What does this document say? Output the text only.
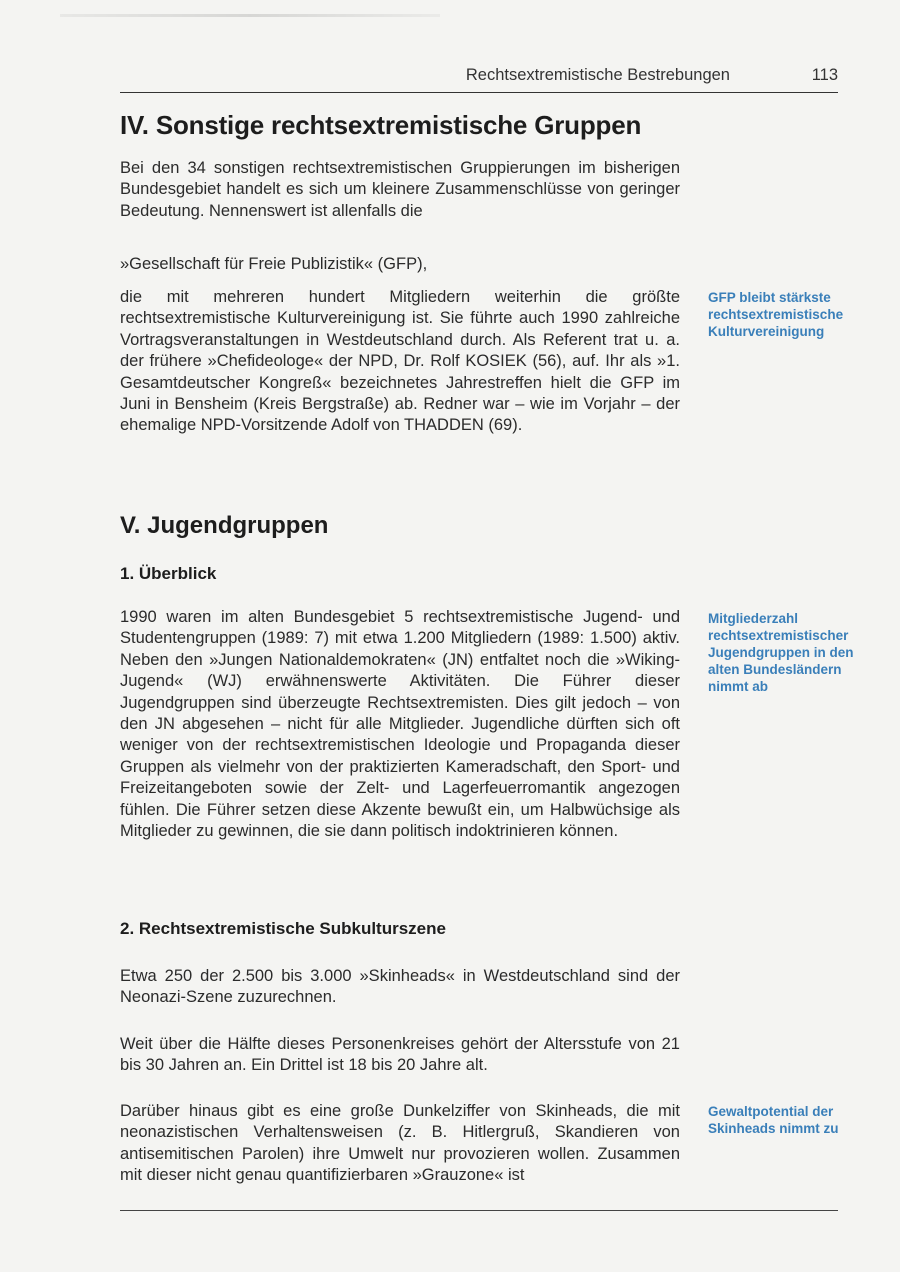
Rechtsextremistische Bestrebungen	113
IV. Sonstige rechtsextremistische Gruppen
Bei den 34 sonstigen rechtsextremistischen Gruppierungen im bisherigen Bundesgebiet handelt es sich um kleinere Zusammenschlüsse von geringer Bedeutung. Nennenswert ist allenfalls die
»Gesellschaft für Freie Publizistik« (GFP),
die mit mehreren hundert Mitgliedern weiterhin die größte rechtsextremistische Kulturvereinigung ist. Sie führte auch 1990 zahlreiche Vortragsveranstaltungen in Westdeutschland durch. Als Referent trat u. a. der frühere »Chefideologe« der NPD, Dr. Rolf KOSIEK (56), auf. Ihr als »1. Gesamtdeutscher Kongreß« bezeichnetes Jahrestreffen hielt die GFP im Juni in Bensheim (Kreis Bergstraße) ab. Redner war – wie im Vorjahr – der ehemalige NPD-Vorsitzende Adolf von THADDEN (69).
GFP bleibt stärkste rechtsextremistische Kulturvereinigung
V. Jugendgruppen
1. Überblick
1990 waren im alten Bundesgebiet 5 rechtsextremistische Jugend- und Studentengruppen (1989: 7) mit etwa 1.200 Mitgliedern (1989: 1.500) aktiv. Neben den »Jungen Nationaldemokraten« (JN) entfaltet noch die »Wiking-Jugend« (WJ) erwähnenswerte Aktivitäten. Die Führer dieser Jugendgruppen sind überzeugte Rechtsextremisten. Dies gilt jedoch – von den JN abgesehen – nicht für alle Mitglieder. Jugendliche dürften sich oft weniger von der rechtsextremistischen Ideologie und Propaganda dieser Gruppen als vielmehr von der praktizierten Kameradschaft, den Sport- und Freizeitangeboten sowie der Zelt- und Lagerfeuerromantik angezogen fühlen. Die Führer setzen diese Akzente bewußt ein, um Halbwüchsige als Mitglieder zu gewinnen, die sie dann politisch indoktrinieren können.
Mitgliederzahl rechtsextremistischer Jugendgruppen in den alten Bundesländern nimmt ab
2. Rechtsextremistische Subkulturszene
Etwa 250 der 2.500 bis 3.000 »Skinheads« in Westdeutschland sind der Neonazi-Szene zuzurechnen.
Weit über die Hälfte dieses Personenkreises gehört der Altersstufe von 21 bis 30 Jahren an. Ein Drittel ist 18 bis 20 Jahre alt.
Darüber hinaus gibt es eine große Dunkelziffer von Skinheads, die mit neonazistischen Verhaltensweisen (z. B. Hitlergruß, Skandieren von antisemitischen Parolen) ihre Umwelt nur provozieren wollen. Zusammen mit dieser nicht genau quantifizierbaren »Grauzone« ist
Gewaltpotential der Skinheads nimmt zu
